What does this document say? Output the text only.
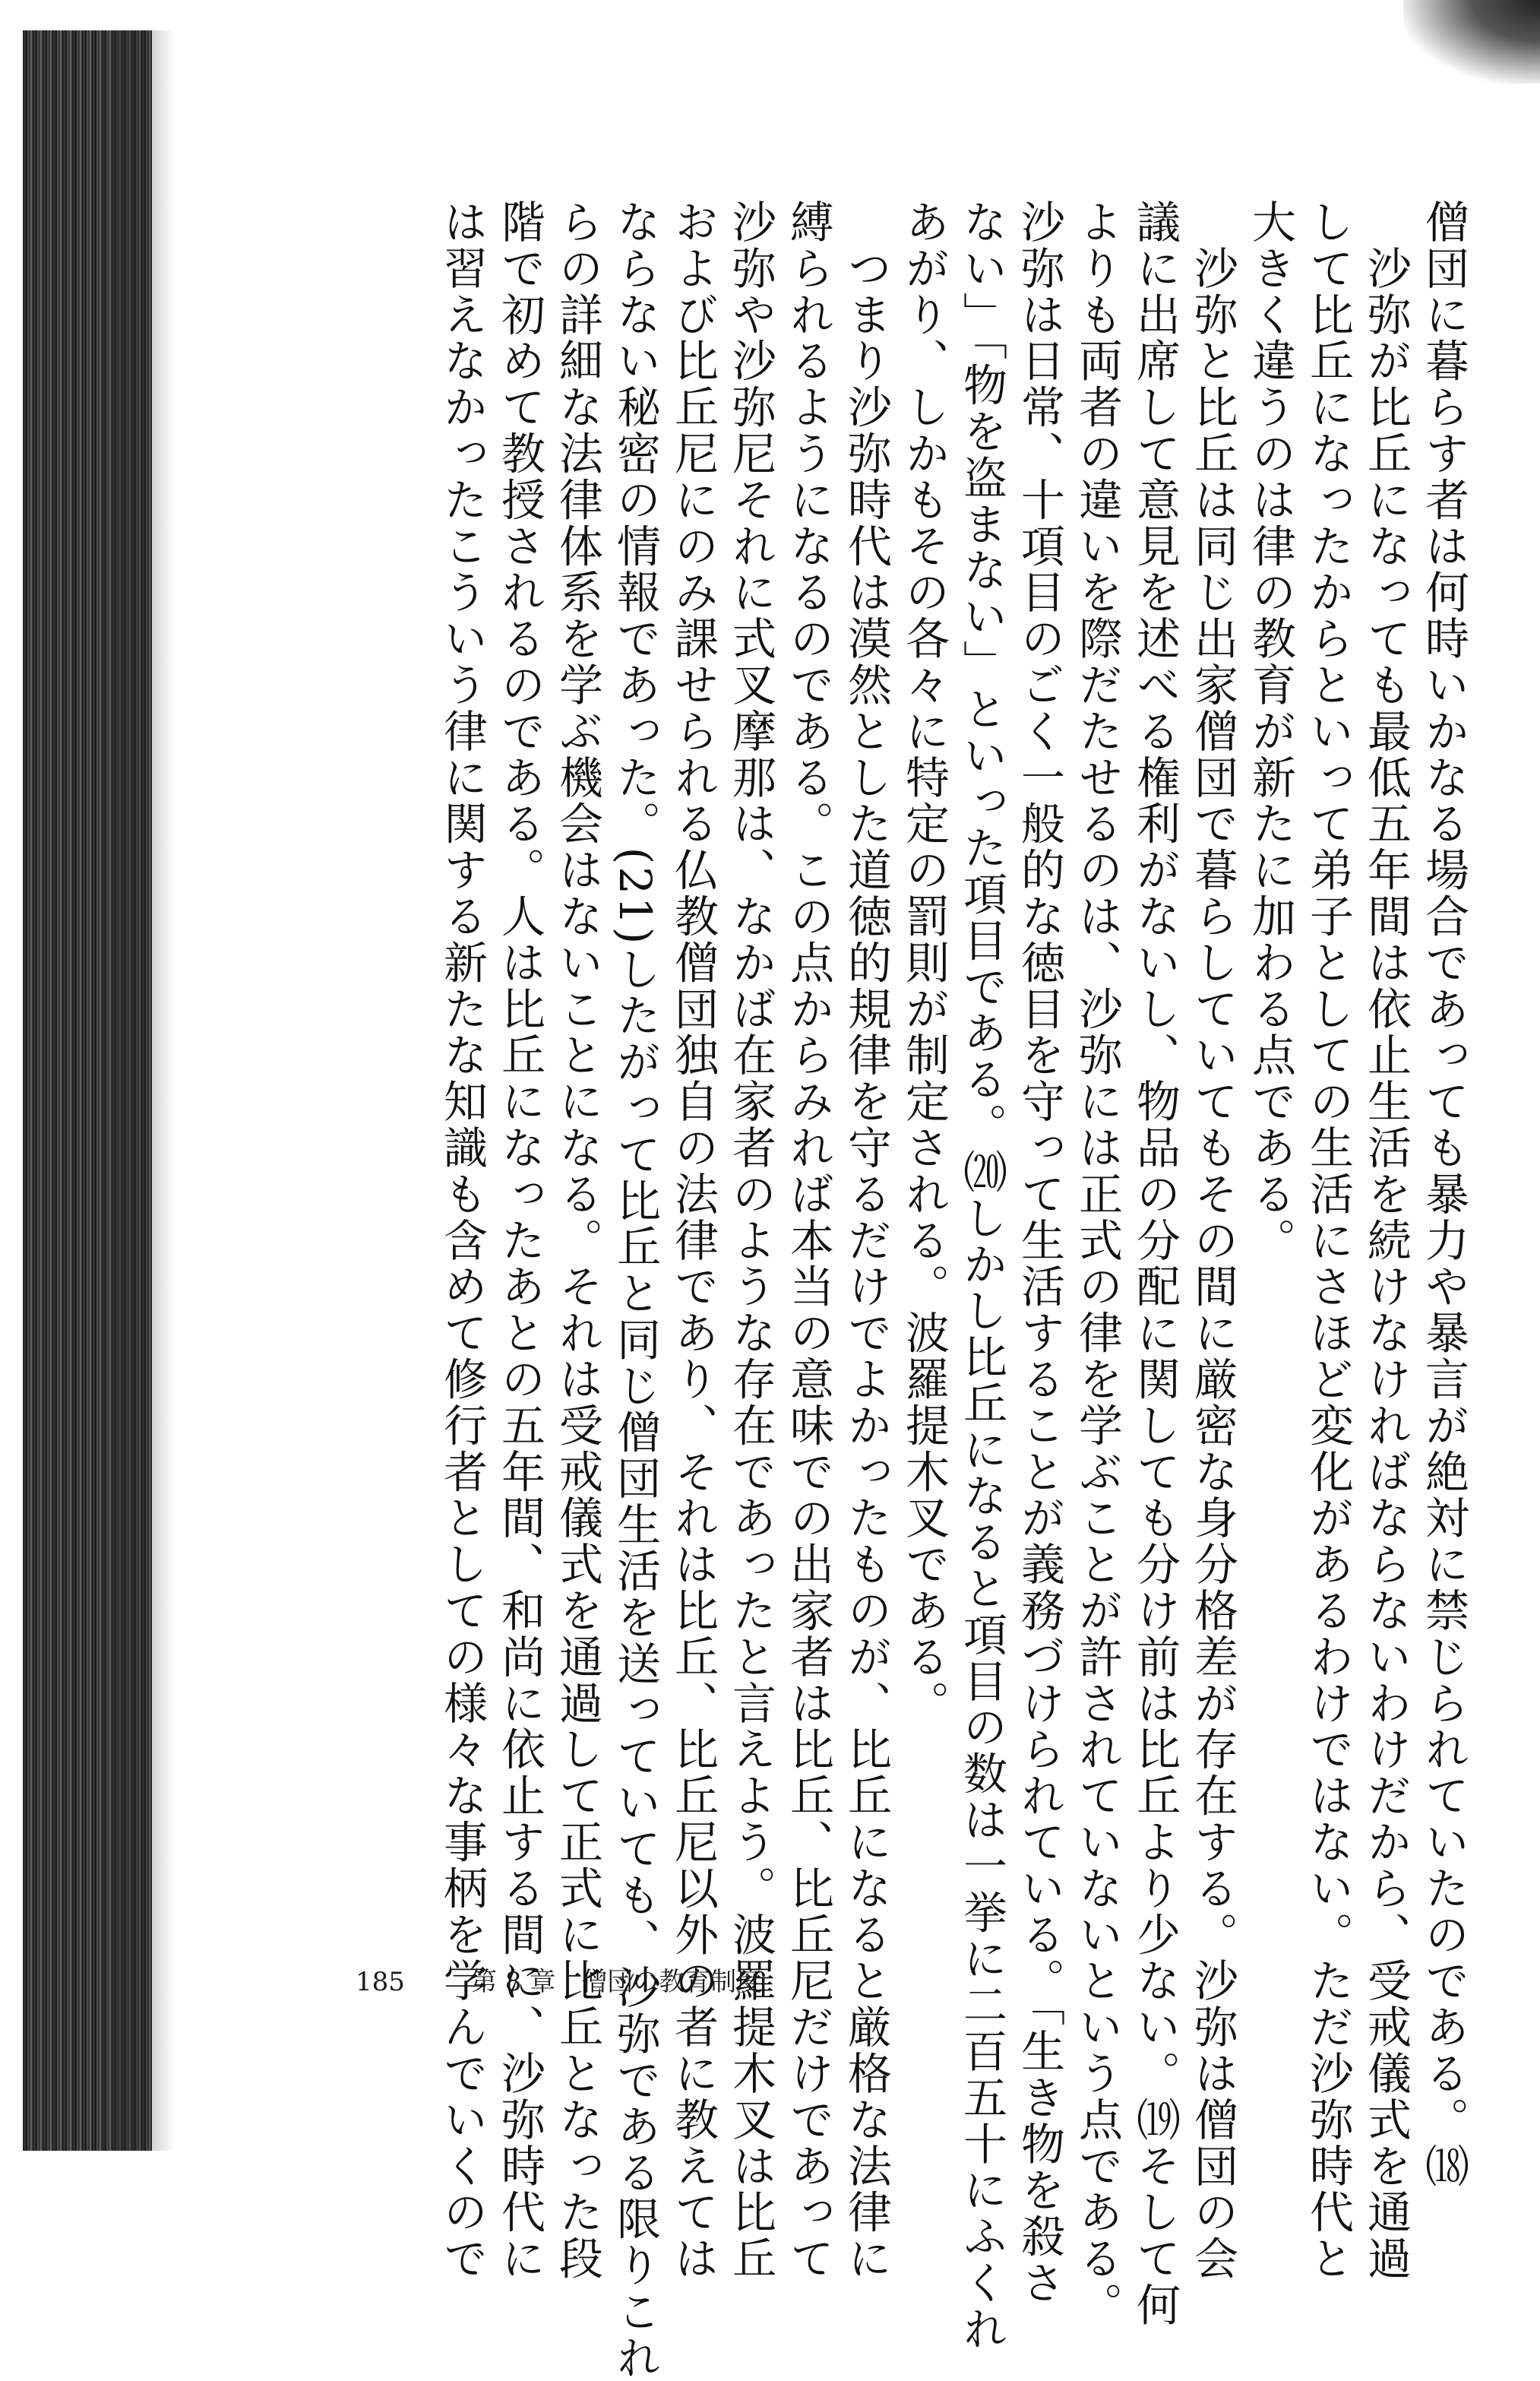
僧団に暮らす者は何時いかなる場合であっても暴力や暴言が絶対に禁じられていたのである。⒅
　沙弥が比丘になっても最低五年間は依止生活を続けなければならないわけだから、受戒儀式を通過
して比丘になったからといって弟子としての生活にさほど変化があるわけではない。ただ沙弥時代と
大きく違うのは律の教育が新たに加わる点である。
　沙弥と比丘は同じ出家僧団で暮らしていてもその間に厳密な身分格差が存在する。沙弥は僧団の会
議に出席して意見を述べる権利がないし、物品の分配に関しても分け前は比丘より少ない。⒆そして何
よりも両者の違いを際だたせるのは、沙弥には正式の律を学ぶことが許されていないという点である。
沙弥は日常、十項目のごく一般的な徳目を守って生活することが義務づけられている。「生き物を殺さ
ない」「物を盗まない」といった項目である。⒇しかし比丘になると項目の数は一挙に二百五十にふくれ
あがり、しかもその各々に特定の罰則が制定される。波羅提木叉である。
　つまり沙弥時代は漠然とした道徳的規律を守るだけでよかったものが、比丘になると厳格な法律に
縛られるようになるのである。この点からみれば本当の意味での出家者は比丘、比丘尼だけであって
沙弥や沙弥尼それに式叉摩那は、なかば在家者のような存在であったと言えよう。波羅提木叉は比丘
および比丘尼にのみ課せられる仏教僧団独自の法律であり、それは比丘、比丘尼以外の者に教えては
ならない秘密の情報であった。(21)したがって比丘と同じ僧団生活を送っていても、沙弥である限りこれ
らの詳細な法律体系を学ぶ機会はないことになる。それは受戒儀式を通過して正式に比丘となった段
階で初めて教授されるのである。人は比丘になったあとの五年間、和尚に依止する間に、沙弥時代に
は習えなかったこういう律に関する新たな知識も含めて修行者としての様々な事柄を学んでいくので
185	第 8 章　僧団の教育制度
